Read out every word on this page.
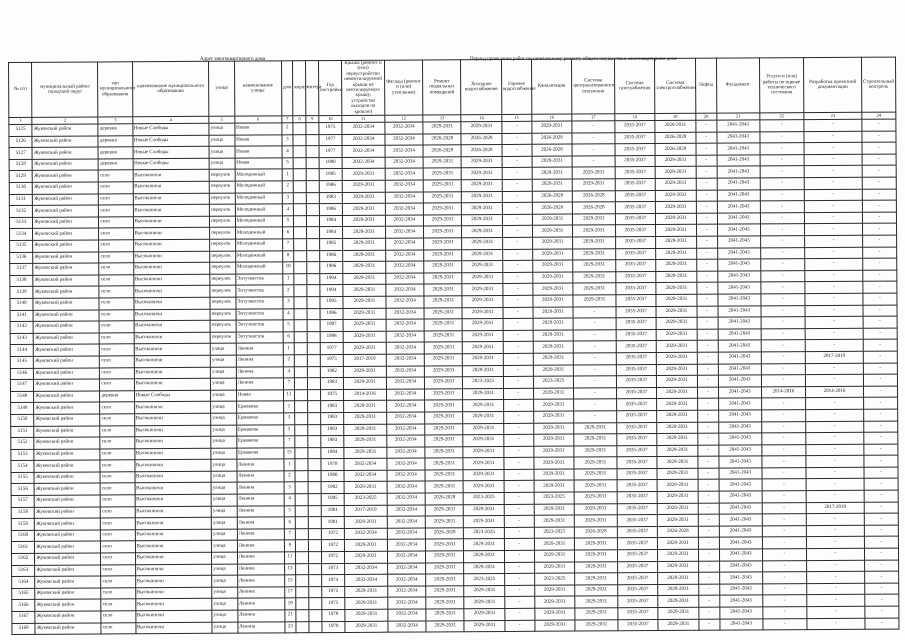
Адрес многоквартирного дома	Период проведения работ по капитальному ремонту общего имущества в многоквартирном доме
№ п/п	муниципальный район/городской округ	тип муниципального образования	наименование муниципального образования	улица	наименование улицы	дом	корпус	литера	Год постройки	Крыша (ремонт и (или) переустройство невентилируемой крыши на вентилируемую крышу, устройство выходов на кровлю)	Фасады (ремонт и (или) утепление)	Ремонт подвальных помещений	Холодное водоснабжение	Горячее водоснабжение	Канализация	Система централизованного отопления	Система газоснабжения	Система электроснабжения	Лифты	Фундамент	Услуги и (или) работы по оценке технического состояния	Разработка проектной документации	Строительный контроль
1	2	3	4	5	6	7	8	9	10	11	12	13	14	15	16	17	18	19	20	21	22	23	24
5125	Жуковский район	деревня	Новые Слободы	улица	Новая	2			1975	2032-2034	2032-2034	2029-2031	2029-2031	-	2029-2031	-	2035-2037	2029-2031	-	2041-2043	-	-	-
5126	Жуковский район	деревня	Новые Слободы	улица	Новая	3			1977	2032-2034	2032-2034	2026-2028	2026-2028	-	2026-2028	-	2035-2037	2026-2028	-	2041-2043	-	-	-
5127	Жуковский район	деревня	Новые Слободы	улица	Новая	4			1977	2032-2034	2032-2034	2026-2028	2026-2028	-	2026-2028	-	2035-2037	2026-2028	-	2041-2043	-	-	-
5128	Жуковский район	деревня	Новые Слободы	улица	Новая	5			1980	2032-2034	2032-2034	2029-2031	2029-2031	-	2029-2031	-	2035-2037	2029-2031	-	2041-2043	-	-	-
5129	Жуковский район	село	Высокиничи	переулок	Молодежный	1			1985	2029-2031	2032-2034	2029-2031	2029-2031	-	2029-2031	2029-2031	2035-2037	2029-2031	-	2041-2043	-	-	-
5130	Жуковский район	село	Высокиничи	переулок	Молодежный	2			1986	2029-2031	2032-2034	2029-2031	2029-2031	-	2029-2031	2029-2031	2035-2037	2029-2031	-	2041-2043	-	-	-
5131	Жуковский район	село	Высокиничи	переулок	Молодежный	3			1983	2029-2031	2032-2034	2029-2031	2029-2031	-	2026-2028	2026-2028	2035-2037	2029-2031	-	2041-2043	-	-	-
5132	Жуковский район	село	Высокиничи	переулок	Молодежный	4			1986	2029-2031	2032-2034	2029-2031	2029-2031	-	2026-2028	2026-2028	2035-2037	2029-2031	-	2041-2043	-	-	-
5133	Жуковский район	село	Высокиничи	переулок	Молодежный	5			1984	2029-2031	2032-2034	2029-2031	2029-2031	-	2029-2031	2029-2031	2035-2037	2029-2031	-	2041-2043	-	-	-
5134	Жуковский район	село	Высокиничи	переулок	Молодежный	6			1984	2029-2031	2032-2034	2029-2031	2029-2031	-	2029-2031	2029-2031	2035-2037	2029-2031	-	2041-2043	-	-	-
5135	Жуковский район	село	Высокиничи	переулок	Молодежный	7			1985	2029-2031	2032-2034	2029-2031	2029-2031	-	2029-2031	2029-2031	2035-2037	2029-2031	-	2041-2043	-	-	-
5136	Жуковский район	село	Высокиничи	переулок	Молодежный	8			1986	2029-2031	2032-2034	2029-2031	2029-2031	-	2029-2031	2029-2031	2035-2037	2029-2031	-	2041-2043	-	-	-
5137	Жуковский район	село	Высокиничи	переулок	Молодежный	10			1986	2029-2031	2032-2034	2029-2031	2029-2031	-	2029-2031	2029-2031	2035-2037	2029-2031	-	2041-2043	-	-	-
5138	Жуковский район	село	Высокиничи	переулок	Энтузиастов	1			1994	2029-2031	2032-2034	2029-2031	2029-2031	-	2029-2031	2029-2031	2035-2037	2029-2031	-	2041-2043	-	-	-
5139	Жуковский район	село	Высокиничи	переулок	Энтузиастов	2			1994	2029-2031	2032-2034	2029-2031	2029-2031	-	2029-2031	2029-2031	2035-2037	2029-2031	-	2041-2043	-	-	-
5140	Жуковский район	село	Высокиничи	переулок	Энтузиастов	3			1995	2029-2031	2032-2034	2029-2031	2029-2031	-	2029-2031	2029-2031	2035-2037	2029-2031	-	2041-2043	-	-	-
5141	Жуковский район	село	Высокиничи	переулок	Энтузиастов	4			1996	2029-2031	2032-2034	2029-2031	2029-2031	-	2029-2031	-	2035-2037	2029-2031	-	2041-2043	-	-	-
5142	Жуковский район	село	Высокиничи	переулок	Энтузиастов	5			1997	2029-2031	2032-2034	2029-2031	2029-2031	-	2029-2031	-	2035-2037	2029-2031	-	2041-2043	-	-	-
5143	Жуковский район	село	Высокиничи	переулок	Энтузиастов	6			1998	2029-2031	2032-2034	2029-2031	2029-2031	-	2029-2031	-	2035-2037	2029-2031	-	2041-2043	-	-	-
5144	Жуковский район	село	Высокиничи	улица	Ленина	1			1977	2029-2031	2032-2034	2029-2031	2029-2031	-	2029-2031	-	2035-2037	2029-2031	-	2041-2043	-	-	-
5145	Жуковский район	село	Высокиничи	улица	Ленина	2			1975	2017-2019	2032-2034	2029-2031	2029-2031	-	2029-2031	-	2035-2037	2029-2031	-	2041-2043	-	2017-2019	-
5146	Жуковский район	село	Высокиничи	улица	Ленина	4			1982	2029-2031	2032-2034	2029-2031	2029-2031	-	2029-2031	-	2035-2037	2029-2031	-	2041-2043	-	-	-
5147	Жуковский район	село	Высокиничи	улица	Ленина	7			1983	2029-2031	2032-2034	2029-2031	2023-2025	-	2023-2025	-	2035-2037	2029-2031	-	2041-2043	-	-	-
5148	Жуковский район	деревня	Новые Слободы	улица	Новая	11			1975	2014-2016	2032-2034	2029-2031	2029-2031	-	2029-2031	-	2035-2037	2029-2031	-	2041-2043	2014-2016	2014-2016	-
5149	Жуковский район	село	Высокиничи	улица	Ермакова	1			1983	2029-2031	2032-2034	2029-2031	2029-2031	-	2029-2031	-	2035-2037	2029-2031	-	2041-2043	-	-	-
5150	Жуковский район	село	Высокиничи	улица	Ермакова	3			1983	2029-2031	2032-2034	2029-2031	2029-2031	-	2029-2031	-	2035-2037	2029-2031	-	2041-2043	-	-	-
5151	Жуковский район	село	Высокиничи	улица	Ермакова	5			1983	2029-2031	2032-2034	2029-2031	2029-2031	-	2029-2031	2029-2031	2035-2037	2029-2031	-	2041-2043	-	-	-
5152	Жуковский район	село	Высокиничи	улица	Ермакова	7			1983	2029-2031	2032-2034	2029-2031	2029-2031	-	2029-2031	2029-2031	2035-2037	2029-2031	-	2041-2043	-	-	-
5153	Жуковский район	село	Высокиничи	улица	Ермакова	15			1984	2029-2031	2032-2034	2029-2031	2029-2031	-	2029-2031	2029-2031	2035-2037	2029-2031	-	2041-2043	-	-	-
5154	Жуковский район	село	Высокиничи	улица	Ленина	1			1978	2032-2034	2032-2034	2029-2031	2029-2031	-	2029-2031	2029-2031	2035-2037	2029-2031	-	2041-2043	-	-	-
5155	Жуковский район	село	Высокиничи	улица	Ленина	2			1980	2032-2034	2032-2034	2029-2031	2029-2031	-	2029-2031	2029-2031	2035-2037	2029-2031	-	2041-2043	-	-	-
5156	Жуковский район	село	Высокиничи	улица	Ленина	3			1982	2029-2031	2032-2034	2029-2031	2029-2031	-	2029-2031	2029-2031	2035-2037	2029-2031	-	2041-2043	-	-	-
5157	Жуковский район	село	Высокиничи	улица	Ленина	4			1985	2023-2025	2032-2034	2026-2028	2023-2025	-	2023-2025	2029-2031	2035-2037	2029-2031	-	2041-2043	-	-	-
5158	Жуковский район	село	Высокиничи	улица	Ленина	5			1981	2017-2019	2032-2034	2029-2031	2029-2031	-	2029-2031	2029-2031	2035-2037	2029-2031	-	2041-2043	-	2017-2019	-
5159	Жуковский район	село	Высокиничи	улица	Ленина	6			1981	2029-2031	2032-2034	2029-2031	2029-2031	-	2029-2031	2029-2031	2035-2037	2029-2031	-	2041-2043	-	-	-
5160	Жуковский район	село	Высокиничи	улица	Ленина	7			1972	2032-2034	2032-2034	2026-2028	2023-2025	-	2023-2025	2026-2028	2035-2037	2026-2028	-	2041-2043	-	-	-
5161	Жуковский район	село	Высокиничи	улица	Ленина	9			1972	2029-2031	2032-2034	2029-2031	2029-2031	-	2029-2031	2029-2031	2035-2037	2029-2031	-	2041-2043	-	-	-
5162	Жуковский район	село	Высокиничи	улица	Ленина	11			1972	2029-2031	2032-2034	2029-2031	2029-2031	-	2029-2031	2029-2031	2035-2037	2029-2031	-	2041-2043	-	-	-
5163	Жуковский район	село	Высокиничи	улица	Ленина	13			1973	2032-2034	2032-2034	2029-2031	2029-2031	-	2029-2031	2029-2031	2035-2037	2029-2031	-	2041-2043	-	-	-
5164	Жуковский район	село	Высокиничи	улица	Ленина	15			1974	2032-2034	2032-2034	2029-2031	2023-2025	-	2023-2025	2029-2031	2035-2037	2029-2031	-	2041-2043	-	-	-
5165	Жуковский район	село	Высокиничи	улица	Ленина	17			1975	2029-2031	2032-2034	2029-2031	2029-2031	-	2029-2031	2029-2031	2035-2037	2029-2031	-	2041-2043	-	-	-
5166	Жуковский район	село	Высокиничи	улица	Ленина	19			1975	2029-2031	2032-2034	2029-2031	2029-2031	-	2029-2031	2029-2031	2035-2037	2029-2031	-	2041-2043	-	-	-
5167	Жуковский район	село	Высокиничи	улица	Ленина	21			1978	2029-2031	2032-2034	2029-2031	2029-2031	-	2029-2031	2029-2031	2035-2037	2029-2031	-	2041-2043	-	-	-
5168	Жуковский район	село	Высокиничи	улица	Ленина	23			1978	2029-2031	2032-2034	2029-2031	2029-2031	-	2029-2031	2029-2031	2035-2037	2029-2031	-	2041-2043	-	-	-
